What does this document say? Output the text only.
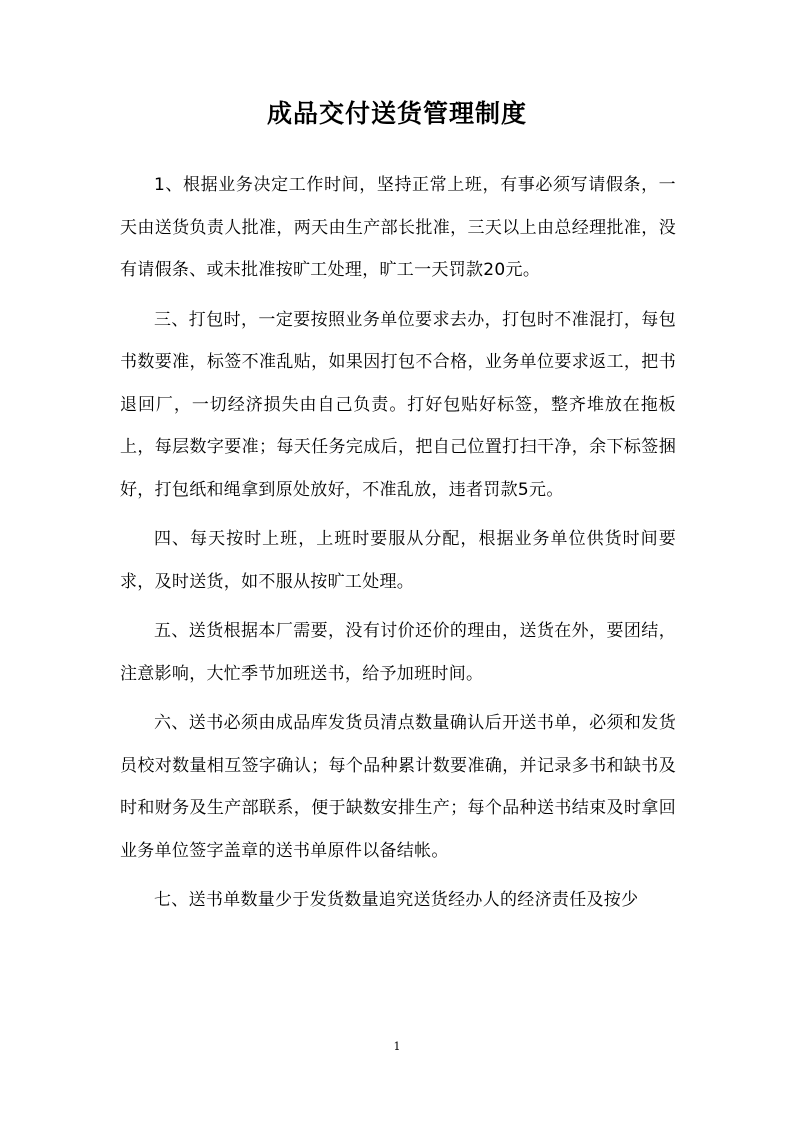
成品交付送货管理制度

1、根据业务决定工作时间，坚持正常上班，有事必须写请假条，一天由送货负责人批准，两天由生产部长批准，三天以上由总经理批准，没有请假条、或未批准按旷工处理，旷工一天罚款20元。

三、打包时，一定要按照业务单位要求去办，打包时不准混打，每包书数要准，标签不准乱贴，如果因打包不合格，业务单位要求返工，把书退回厂，一切经济损失由自己负责。打好包贴好标签，整齐堆放在拖板上，每层数字要准；每天任务完成后，把自己位置打扫干净，余下标签捆好，打包纸和绳拿到原处放好，不准乱放，违者罚款5元。

四、每天按时上班，上班时要服从分配，根据业务单位供货时间要求，及时送货，如不服从按旷工处理。

五、送货根据本厂需要，没有讨价还价的理由，送货在外，要团结，注意影响，大忙季节加班送书，给予加班时间。

六、送书必须由成品库发货员清点数量确认后开送书单，必须和发货员校对数量相互签字确认；每个品种累计数要准确，并记录多书和缺书及时和财务及生产部联系，便于缺数安排生产；每个品种送书结束及时拿回业务单位签字盖章的送书单原件以备结帐。

七、送书单数量少于发货数量追究送货经办人的经济责任及按少

1
